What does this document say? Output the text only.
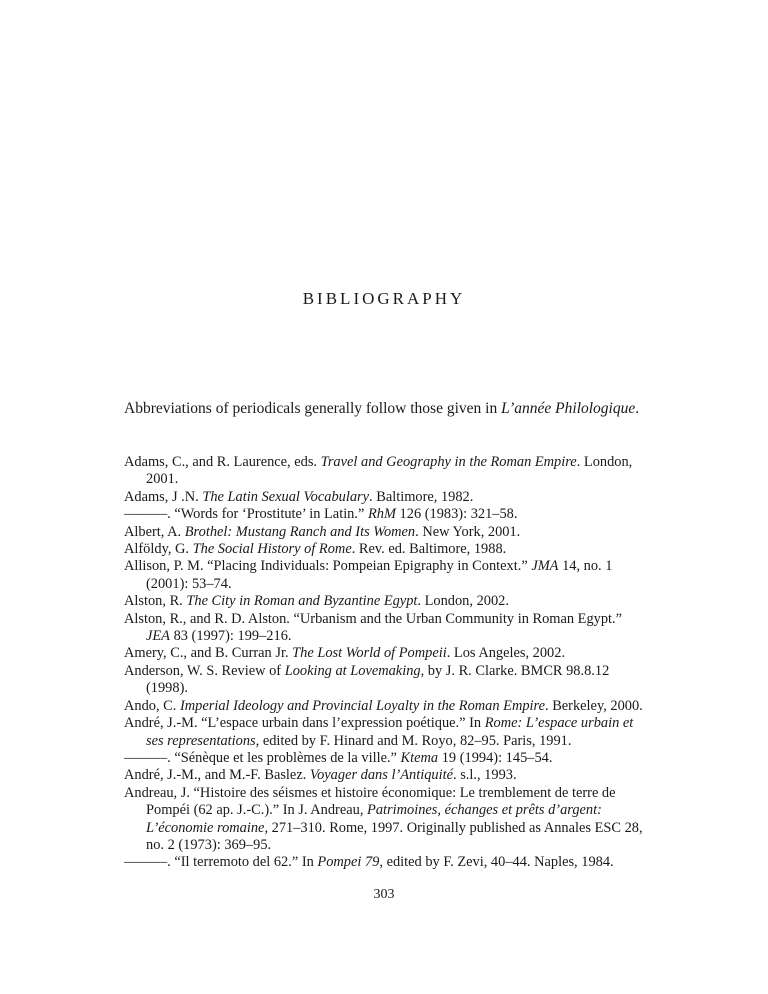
BIBLIOGRAPHY

Abbreviations of periodicals generally follow those given in L’année Philologique.

Adams, C., and R. Laurence, eds. Travel and Geography in the Roman Empire. London, 2001.

Adams, J .N. The Latin Sexual Vocabulary. Baltimore, 1982.

———. “Words for ‘Prostitute’ in Latin.” RhM 126 (1983): 321–58.

Albert, A. Brothel: Mustang Ranch and Its Women. New York, 2001.

Alföldy, G. The Social History of Rome. Rev. ed. Baltimore, 1988.

Allison, P. M. “Placing Individuals: Pompeian Epigraphy in Context.” JMA 14, no. 1 (2001): 53–74.

Alston, R. The City in Roman and Byzantine Egypt. London, 2002.

Alston, R., and R. D. Alston. “Urbanism and the Urban Community in Roman Egypt.” JEA 83 (1997): 199–216.

Amery, C., and B. Curran Jr. The Lost World of Pompeii. Los Angeles, 2002.

Anderson, W. S. Review of Looking at Lovemaking, by J. R. Clarke. BMCR 98.8.12 (1998).

Ando, C. Imperial Ideology and Provincial Loyalty in the Roman Empire. Berkeley, 2000.

André, J.-M. “L’espace urbain dans l’expression poétique.” In Rome: L’espace urbain et ses representations, edited by F. Hinard and M. Royo, 82–95. Paris, 1991.

———. “Sénèque et les problèmes de la ville.” Ktema 19 (1994): 145–54.

André, J.-M., and M.-F. Baslez. Voyager dans l’Antiquité. s.l., 1993.

Andreau, J. “Histoire des séismes et histoire économique: Le tremblement de terre de Pompéi (62 ap. J.-C.).” In J. Andreau, Patrimoines, échanges et prêts d’argent: L’économie romaine, 271–310. Rome, 1997. Originally published as Annales ESC 28, no. 2 (1973): 369–95.

———. “Il terremoto del 62.” In Pompei 79, edited by F. Zevi, 40–44. Naples, 1984.

303
